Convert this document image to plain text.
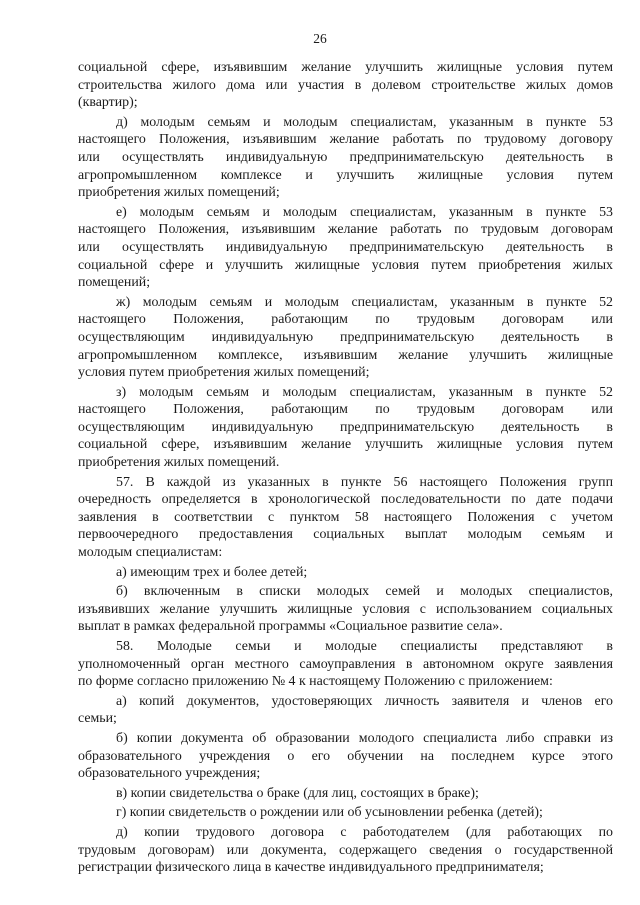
26
социальной сфере, изъявившим желание улучшить жилищные условия путем
строительства жилого дома или участия в долевом строительстве жилых домов
(квартир);
д) молодым семьям и молодым специалистам, указанным в пункте 53
настоящего Положения, изъявившим желание работать по трудовому договору
или осуществлять индивидуальную предпринимательскую деятельность в
агропромышленном комплексе и улучшить жилищные условия путем
приобретения жилых помещений;
е) молодым семьям и молодым специалистам, указанным в пункте 53
настоящего Положения, изъявившим желание работать по трудовым договорам
или осуществлять индивидуальную предпринимательскую деятельность в
социальной сфере и улучшить жилищные условия путем приобретения жилых
помещений;
ж) молодым семьям и молодым специалистам, указанным в пункте 52
настоящего Положения, работающим по трудовым договорам или
осуществляющим индивидуальную предпринимательскую деятельность в
агропромышленном комплексе, изъявившим желание улучшить жилищные
условия путем приобретения жилых помещений;
з) молодым семьям и молодым специалистам, указанным в пункте 52
настоящего Положения, работающим по трудовым договорам или
осуществляющим индивидуальную предпринимательскую деятельность в
социальной сфере, изъявившим желание улучшить жилищные условия путем
приобретения жилых помещений.
57. В каждой из указанных в пункте 56 настоящего Положения групп
очередность определяется в хронологической последовательности по дате подачи
заявления в соответствии с пунктом 58 настоящего Положения с учетом
первоочередного предоставления социальных выплат молодым семьям и
молодым специалистам:
а) имеющим трех и более детей;
б) включенным в списки молодых семей и молодых специалистов,
изъявивших желание улучшить жилищные условия с использованием социальных
выплат в рамках федеральной программы «Социальное развитие села».
58. Молодые семьи и молодые специалисты представляют в
уполномоченный орган местного самоуправления в автономном округе заявления
по форме согласно приложению № 4 к настоящему Положению с приложением:
а) копий документов, удостоверяющих личность заявителя и членов его
семьи;
б) копии документа об образовании молодого специалиста либо справки из
образовательного учреждения о его обучении на последнем курсе этого
образовательного учреждения;
в) копии свидетельства о браке (для лиц, состоящих в браке);
г) копии свидетельств о рождении или об усыновлении ребенка (детей);
д) копии трудового договора с работодателем (для работающих по
трудовым договорам) или документа, содержащего сведения о государственной
регистрации физического лица в качестве индивидуального предпринимателя;
